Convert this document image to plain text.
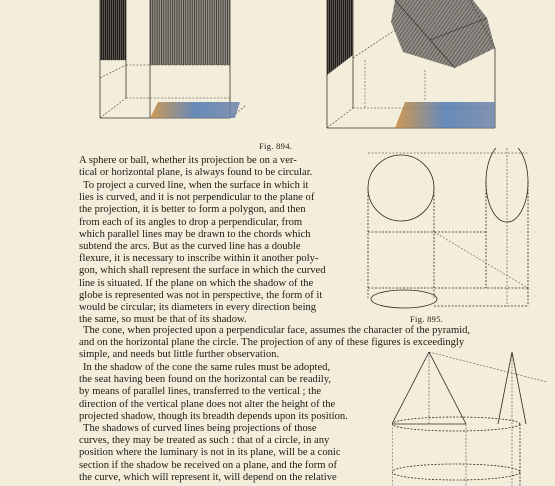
Fig. 894.
Fig. 895.
A sphere or ball, whether its projection be on a ver-
tical or horizontal plane, is always found to be circular.
To project a curved line, when the surface in which it
lies is curved, and it is not perpendicular to the plane of
the projection, it is better to form a polygon, and then
from each of its angles to drop a perpendicular, from
which parallel lines may be drawn to the chords which
subtend the arcs. But as the curved line has a double
flexure, it is necessary to inscribe within it another poly-
gon, which shall represent the surface in which the curved
line is situated. If the plane on which the shadow of the
globe is represented was not in perspective, the form of it
would be circular; its diameters in every direction being
the same, so must be that of its shadow.
The cone, when projected upon a perpendicular face, assumes the character of the pyramid,
and on the horizontal plane the circle. The projection of any of these figures is exceedingly
simple, and needs but little further observation.
In the shadow of the cone the same rules must be adopted,
the seat having been found on the horizontal can be readily,
by means of parallel lines, transferred to the vertical ; the
direction of the vertical plane does not alter the height of the
projected shadow, though its breadth depends upon its position.
The shadows of curved lines being projections of those
curves, they may be treated as such : that of a circle, in any
position where the luminary is not in its plane, will be a conic
section if the shadow be received on a plane, and the form of
the curve, which will represent it, will depend on the relative
